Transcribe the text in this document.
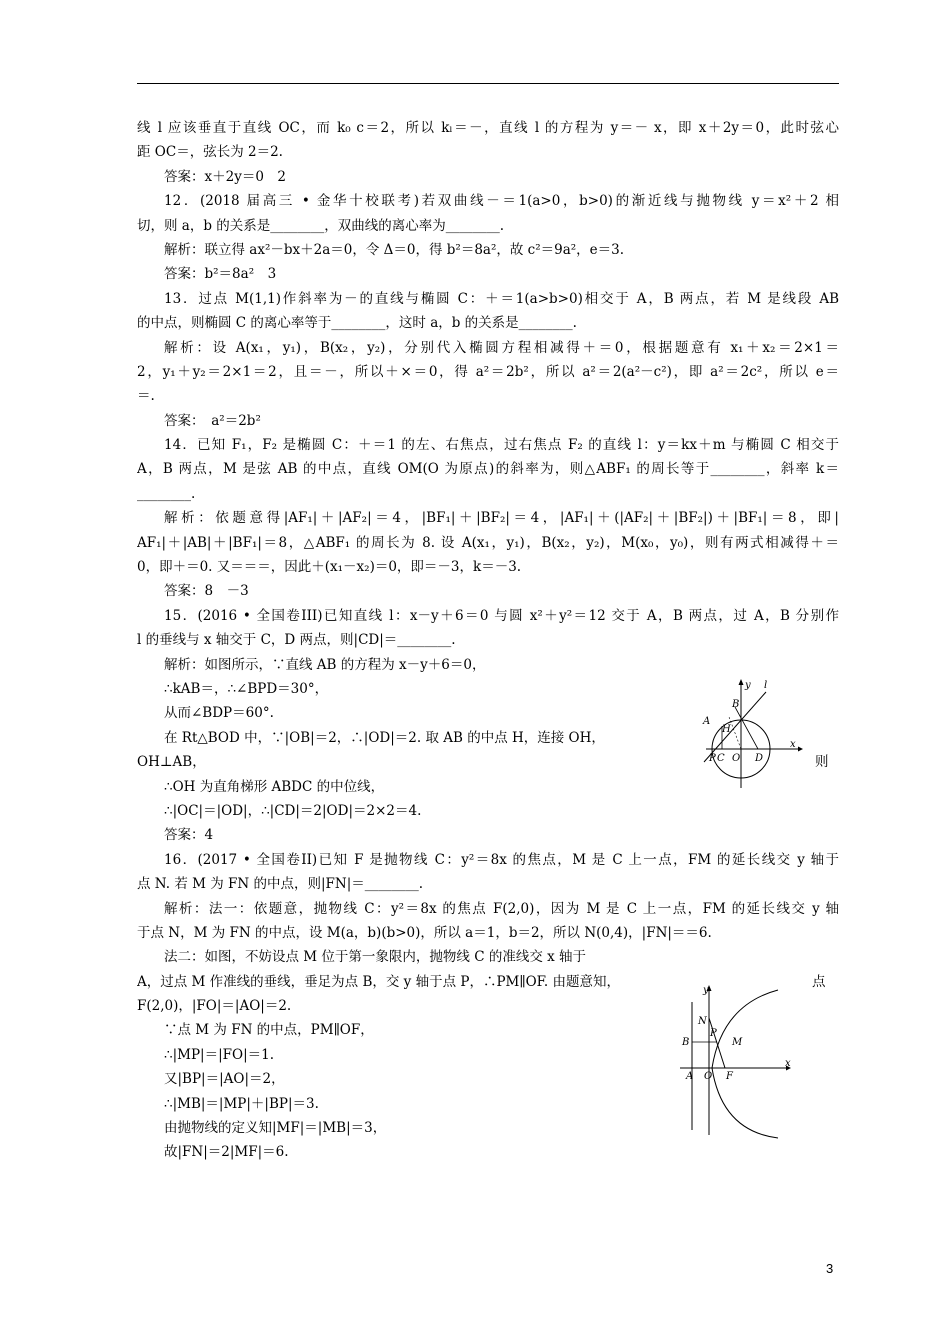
线 l 应该垂直于直线 OC，而 k₀ c＝2，所以 kₗ＝－，直线 l 的方程为 y＝－ x，即 x＋2y＝0，此时弦心
距 OC＝，弦长为 2＝2.
答案：x＋2y＝0　2
12．(2018 届高三 • 金华十校联考)若双曲线－＝1(a>0，b>0)的渐近线与抛物线 y＝x²＋2 相
切，则 a，b 的关系是________，双曲线的离心率为________.
解析：联立得 ax²－bx＋2a＝0，令 Δ＝0，得 b²＝8a²，故 c²＝9a²，e＝3.
答案：b²＝8a²　3
13．过点 M(1,1)作斜率为－的直线与椭圆 C：＋＝1(a>b>0)相交于 A，B 两点，若 M 是线段 AB
的中点，则椭圆 C 的离心率等于________，这时 a，b 的关系是________.
解析：设 A(x₁，y₁)，B(x₂，y₂)，分别代入椭圆方程相减得＋＝0，根据题意有 x₁＋x₂＝2×1＝
2，y₁＋y₂＝2×1＝2，且＝－，所以＋×＝0，得 a²＝2b²，所以 a²＝2(a²－c²)，即 a²＝2c²，所以 e＝
＝.
答案：　a²＝2b²
14．已知 F₁，F₂ 是椭圆 C：＋＝1 的左、右焦点，过右焦点 F₂ 的直线 l：y＝kx＋m 与椭圆 C 相交于
A，B 两点，M 是弦 AB 的中点，直线 OM(O 为原点)的斜率为，则△ABF₁ 的周长等于________，斜率 k＝
________.
解析：依题意得|AF₁|＋|AF₂|＝4，|BF₁|＋|BF₂|＝4，|AF₁|＋(|AF₂|＋|BF₂|)＋|BF₁|＝8，即|
AF₁|＋|AB|＋|BF₁|＝8，△ABF₁ 的周长为 8. 设 A(x₁，y₁)，B(x₂，y₂)，M(x₀，y₀)，则有两式相减得＋＝
0，即＋＝0. 又＝＝＝，因此＋(x₁－x₂)＝0，即＝－3，k＝－3.
答案：8　－3
15．(2016 • 全国卷III)已知直线 l：x－y＋6＝0 与圆 x²＋y²＝12 交于 A，B 两点，过 A，B 分别作
l 的垂线与 x 轴交于 C，D 两点，则|CD|＝________.
解析：如图所示，∵直线 AB 的方程为 x－y＋6＝0，
∴kAB＝，∴∠BPD＝30°，
从而∠BDP＝60°.
在 Rt△BOD 中，∵|OB|＝2，∴|OD|＝2. 取 AB 的中点 H，连接 OH，
OH⊥AB，
∴OH 为直角梯形 ABDC 的中位线，
∴|OC|＝|OD|，∴|CD|＝2|OD|＝2×2＝4.
答案：4
16．(2017 • 全国卷II)已知 F 是抛物线 C：y²＝8x 的焦点，M 是 C 上一点，FM 的延长线交 y 轴于
点 N. 若 M 为 FN 的中点，则|FN|＝________.
解析：法一：依题意，抛物线 C：y²＝8x 的焦点 F(2,0)，因为 M 是 C 上一点，FM 的延长线交 y 轴
于点 N，M 为 FN 的中点，设 M(a，b)(b>0)，所以 a＝1，b＝2，所以 N(0,4)，|FN|＝＝6.
法二：如图，不妨设点 M 位于第一象限内，抛物线 C 的准线交 x 轴于
A，过点 M 作准线的垂线，垂足为点 B，交 y 轴于点 P，∴PM∥OF. 由题意知，
F(2,0)，|FO|＝|AO|＝2.
∵点 M 为 FN 的中点，PM∥OF，
∴|MP|＝|FO|＝1.
又|BP|＝|AO|＝2，
∴|MB|＝|MP|＋|BP|＝3.
由抛物线的定义知|MF|＝|MB|＝3，
故|FN|＝2|MF|＝6.
则
点
y l
B
A
H
P C O D
x
y
N
P
B	M
A O F
x
3
